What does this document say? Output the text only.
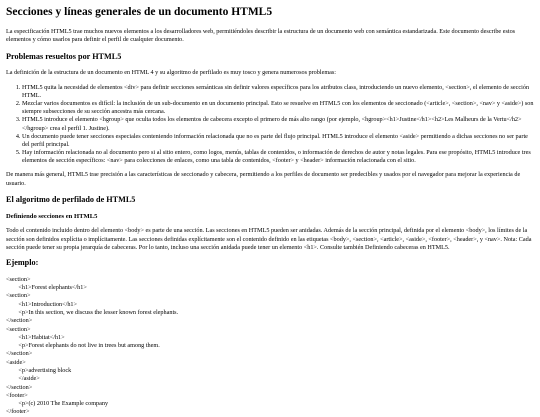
Secciones y líneas generales de un documento HTML5

La especificación HTML5 trae muchos nuevos elementos a los desarrolladores web, permitiéndoles describir la estructura de un documento web con semántica estandarizada. Este documento describe estos elementos y cómo usarlos para definir el perfil de cualquier documento.

Problemas resueltos por HTML5

La definición de la estructura de un documento en HTML 4 y su algoritmo de perfilado es muy tosco y genera numerosos problemas:

1. HTML5 quita la necesidad de elementos <div> para definir secciones semánticas sin definir valores específicos para los atributos class, introduciendo un nuevo elemento, <section>, el elemento de sección HTML.
2. Mezclar varios documentos es difícil: la inclusión de un sub-documento en un documento principal. Esto se resuelve en HTML5 con los elementos de seccionado (<article>, <section>, <nav> y <aside>) son siempre subsecciones de su sección ancestra más cercana.
3. HTML5 introduce el elemento <hgroup> que oculta todos los elementos de cabecera excepto el primero de más alto rango (por ejemplo, <hgroup><h1>Justine</h1><h2>Les Malheurs de la Vertu</h2></hgroup> crea el perfil 1. Justine).
4. Un documento puede tener secciones especiales conteniendo información relacionada que no es parte del flujo principal. HTML5 introduce el elemento <aside> permitiendo a dichas secciones no ser parte del perfil principal.
5. Hay información relacionada no al documento pero si al sitio entero, como logos, menús, tablas de contenidos, o información de derechos de autor y notas legales. Para ese propósito, HTML5 introduce tres elementos de sección específicos: <nav> para colecciones de enlaces, como una tabla de contenidos, <footer> y <header> información relacionada con el sitio.

De manera más general, HTML5 trae precisión a las características de seccionado y cabecera, permitiendo a los perfiles de documento ser predecibles y usados por el navegador para mejorar la experiencia de usuario.

El algoritmo de perfilado de HTML5
Definiendo secciones en HTML5

Todo el contenido incluido dentro del elemento <body> es parte de una sección. Las secciones en HTML5 pueden ser anidadas. Además de la sección principal, definida por el elemento <body>, los límites de la sección son definidos explícita o implícitamente. Las secciones definidas explícitamente son el contenido definido en las etiquetas <body>, <section>, <article>, <aside>, <footer>, <header>, y <nav>. Nota: Cada sección puede tener su propia jerarquía de cabeceras. Por lo tanto, incluso una sección anidada puede tener un elemento <h1>. Consulte también Definiendo cabeceras en HTML5.

Ejemplo:
<section>
<h1>Forest elephants</h1>
<section>
<h1>Introduction</h1>
<p>In this section, we discuss the lesser known forest elephants.
</section>
<section>
<h1>Habitat</h1>
<p>Forest elephants do not live in trees but among them.
</section>
<aside>
<p>advertising block
</aside>
</section>
<footer>
<p>(c) 2010 The Example company
</footer>
